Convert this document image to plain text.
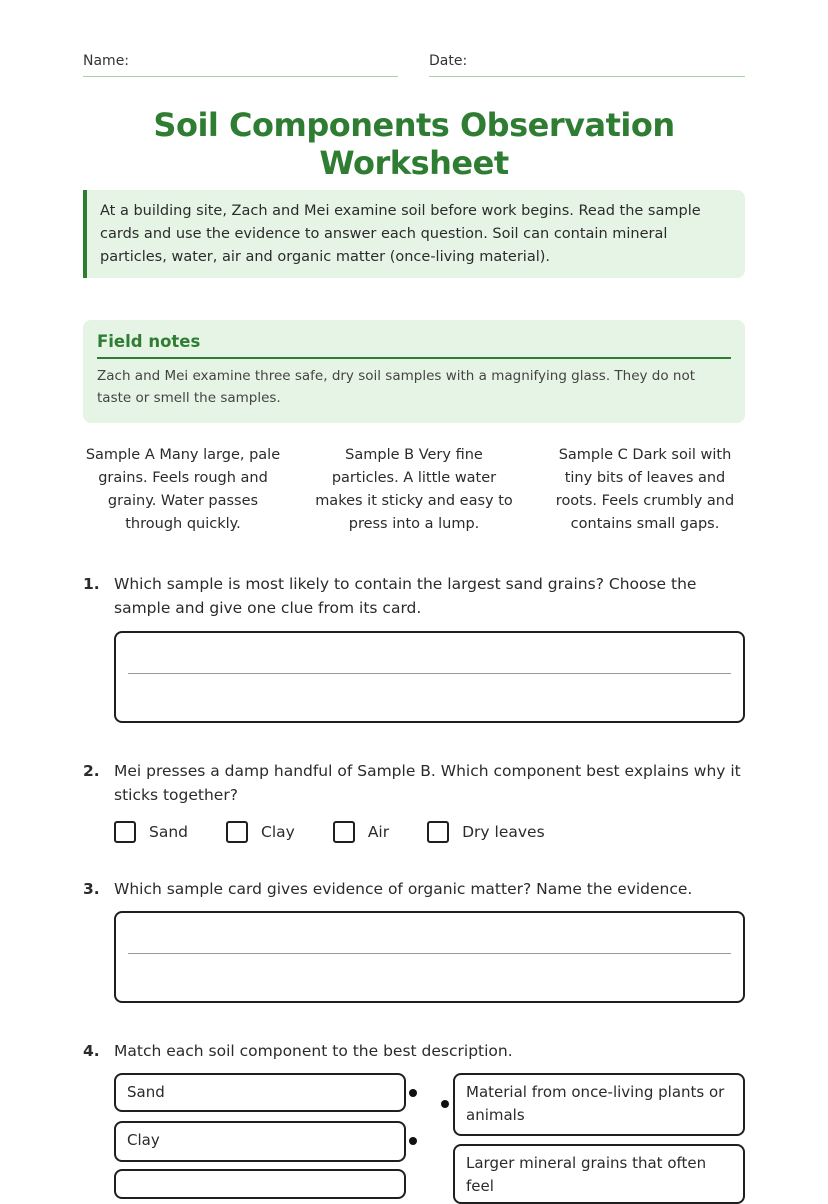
Name:	Date:
Soil Components Observation Worksheet
At a building site, Zach and Mei examine soil before work begins. Read the sample cards and use the evidence to answer each question. Soil can contain mineral particles, water, air and organic matter (once-living material).
Field notes

Zach and Mei examine three safe, dry soil samples with a magnifying glass. They do not taste or smell the samples.

Sample A Many large, pale grains. Feels rough and grainy. Water passes through quickly.
Sample B Very fine particles. A little water makes it sticky and easy to press into a lump.
Sample C Dark soil with tiny bits of leaves and roots. Feels crumbly and contains small gaps.
1. Which sample is most likely to contain the largest sand grains? Choose the sample and give one clue from its card.
2. Mei presses a damp handful of Sample B. Which component best explains why it sticks together?
Sand	Clay	Air	Dry leaves
3. Which sample card gives evidence of organic matter? Name the evidence.
4. Match each soil component to the best description.
Sand
Clay
Material from once-living plants or animals
Larger mineral grains that often feel
